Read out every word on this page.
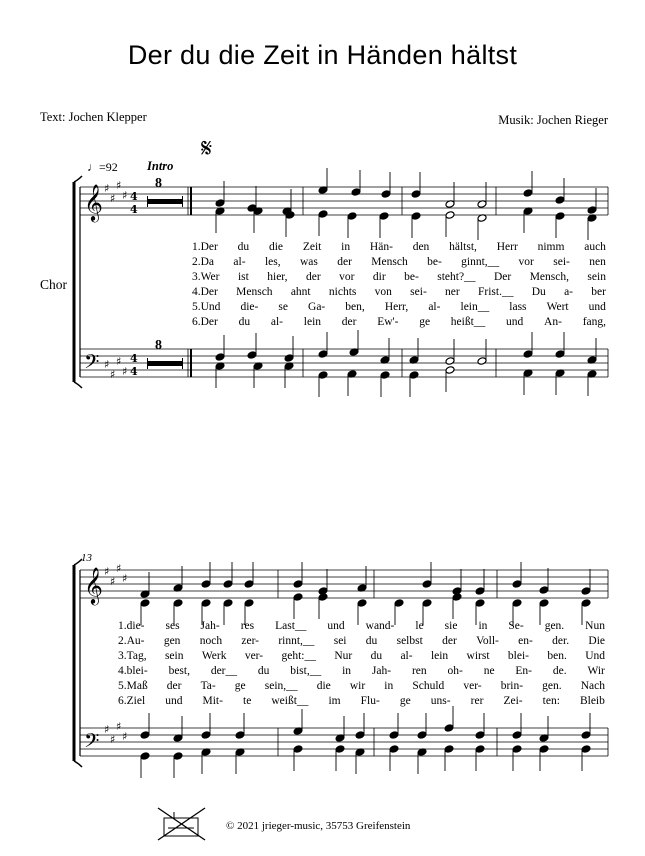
Der du die Zeit in Händen hältst
Text: Jochen Klepper	Musik: Jochen Rieger
♩=92 Intro
𝄋
Chor
13
𝄞
𝄢
𝄞
𝄢
♯
♯
♯
♯
♯
♯
♯
♯
♯
♯
♯
♯
♯
♯
♯
♯
4
4
4
4
8
8
1.Der du die Zeit in Hän- den hältst, Herr nimm auch
2.Da al- les, was der Mensch be- ginnt,__ vor sei- nen
3.Wer ist hier, der vor dir be- steht?__ Der Mensch, sein
4.Der Mensch ahnt nichts von sei- ner Frist.__ Du a- ber
5.Und die- se Ga- ben, Herr, al- lein__ lass Wert und
6.Der du al- lein der Ew'- ge heißt__ und An- fang,
1.die- ses Jah- res Last__ und wand- le sie in Se- gen. Nun
2.Au- gen noch zer- rinnt,__ sei du selbst der Voll- en- der. Die
3.Tag, sein Werk ver- geht:__ Nur du al- lein wirst blei- ben. Und
4.blei- best, der__ du bist,__ in Jah- ren oh- ne En- de. Wir
5.Maß der Ta- ge sein,__ die wir in Schuld ver- brin- gen. Nach
6.Ziel und Mit- te weißt__ im Flu- ge uns- rer Zei- ten: Bleib
© 2021 jrieger-music, 35753 Greifenstein
